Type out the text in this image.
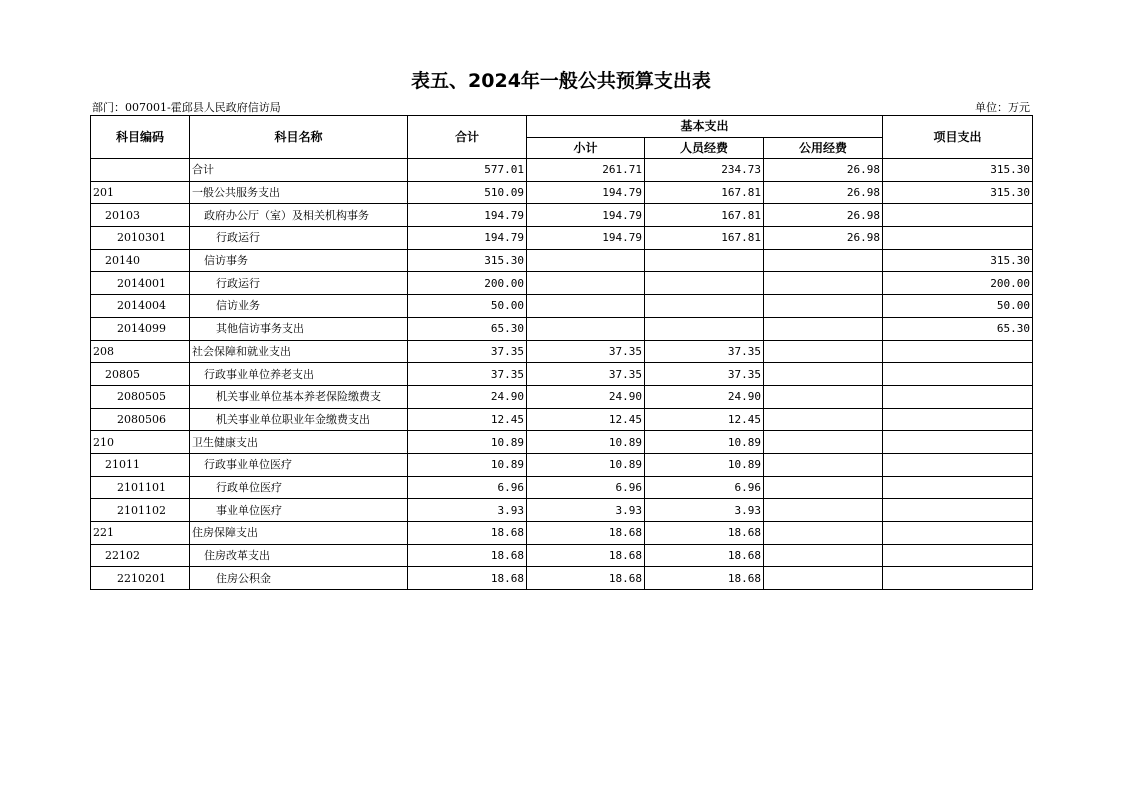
表五、2024年一般公共预算支出表
部门：007001-霍邱县人民政府信访局	单位：万元
科目编码	科目名称	合计	基本支出			项目支出
			小计	人员经费	公用经费	
	合计	577.01	261.71	234.73	26.98	315.30
201	一般公共服务支出	510.09	194.79	167.81	26.98	315.30
20103	政府办公厅（室）及相关机构事务	194.79	194.79	167.81	26.98	
2010301	行政运行	194.79	194.79	167.81	26.98	
20140	信访事务	315.30				315.30
2014001	行政运行	200.00				200.00
2014004	信访业务	50.00				50.00
2014099	其他信访事务支出	65.30				65.30
208	社会保障和就业支出	37.35	37.35	37.35		
20805	行政事业单位养老支出	37.35	37.35	37.35		
2080505	机关事业单位基本养老保险缴费支	24.90	24.90	24.90		
2080506	机关事业单位职业年金缴费支出	12.45	12.45	12.45		
210	卫生健康支出	10.89	10.89	10.89		
21011	行政事业单位医疗	10.89	10.89	10.89		
2101101	行政单位医疗	6.96	6.96	6.96		
2101102	事业单位医疗	3.93	3.93	3.93		
221	住房保障支出	18.68	18.68	18.68		
22102	住房改革支出	18.68	18.68	18.68		
2210201	住房公积金	18.68	18.68	18.68		
